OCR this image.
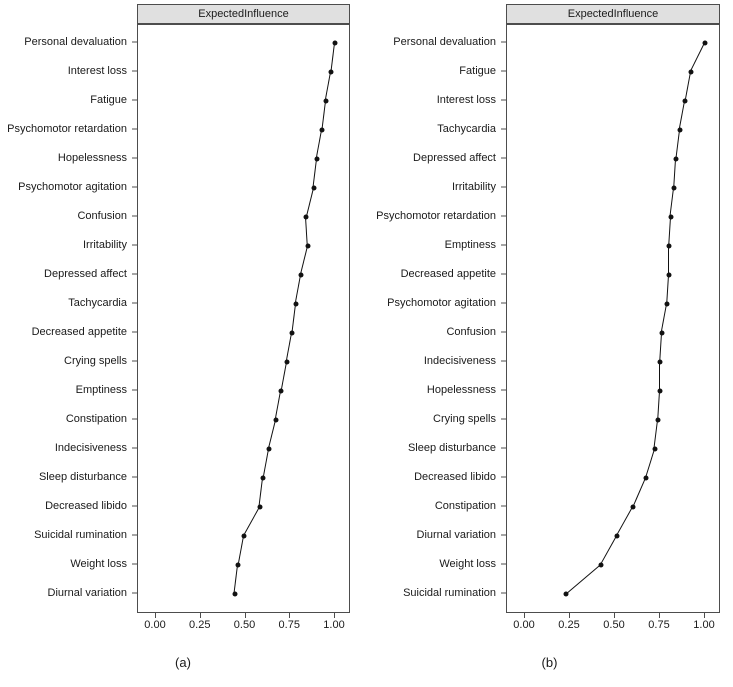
ExpectedInfluence
Personal devaluation
Interest loss
Fatigue
Psychomotor retardation
Hopelessness
Psychomotor agitation
Confusion
Irritability
Depressed affect
Tachycardia
Decreased appetite
Crying spells
Emptiness
Constipation
Indecisiveness
Sleep disturbance
Decreased libido
Suicidal rumination
Weight loss
Diurnal variation
0.00 0.25 0.50 0.75 1.00
(a)
ExpectedInfluence
Personal devaluation
Fatigue
Interest loss
Tachycardia
Depressed affect
Irritability
Psychomotor retardation
Emptiness
Decreased appetite
Psychomotor agitation
Confusion
Indecisiveness
Hopelessness
Crying spells
Sleep disturbance
Decreased libido
Constipation
Diurnal variation
Weight loss
Suicidal rumination
0.00 0.25 0.50 0.75 1.00
(b)
